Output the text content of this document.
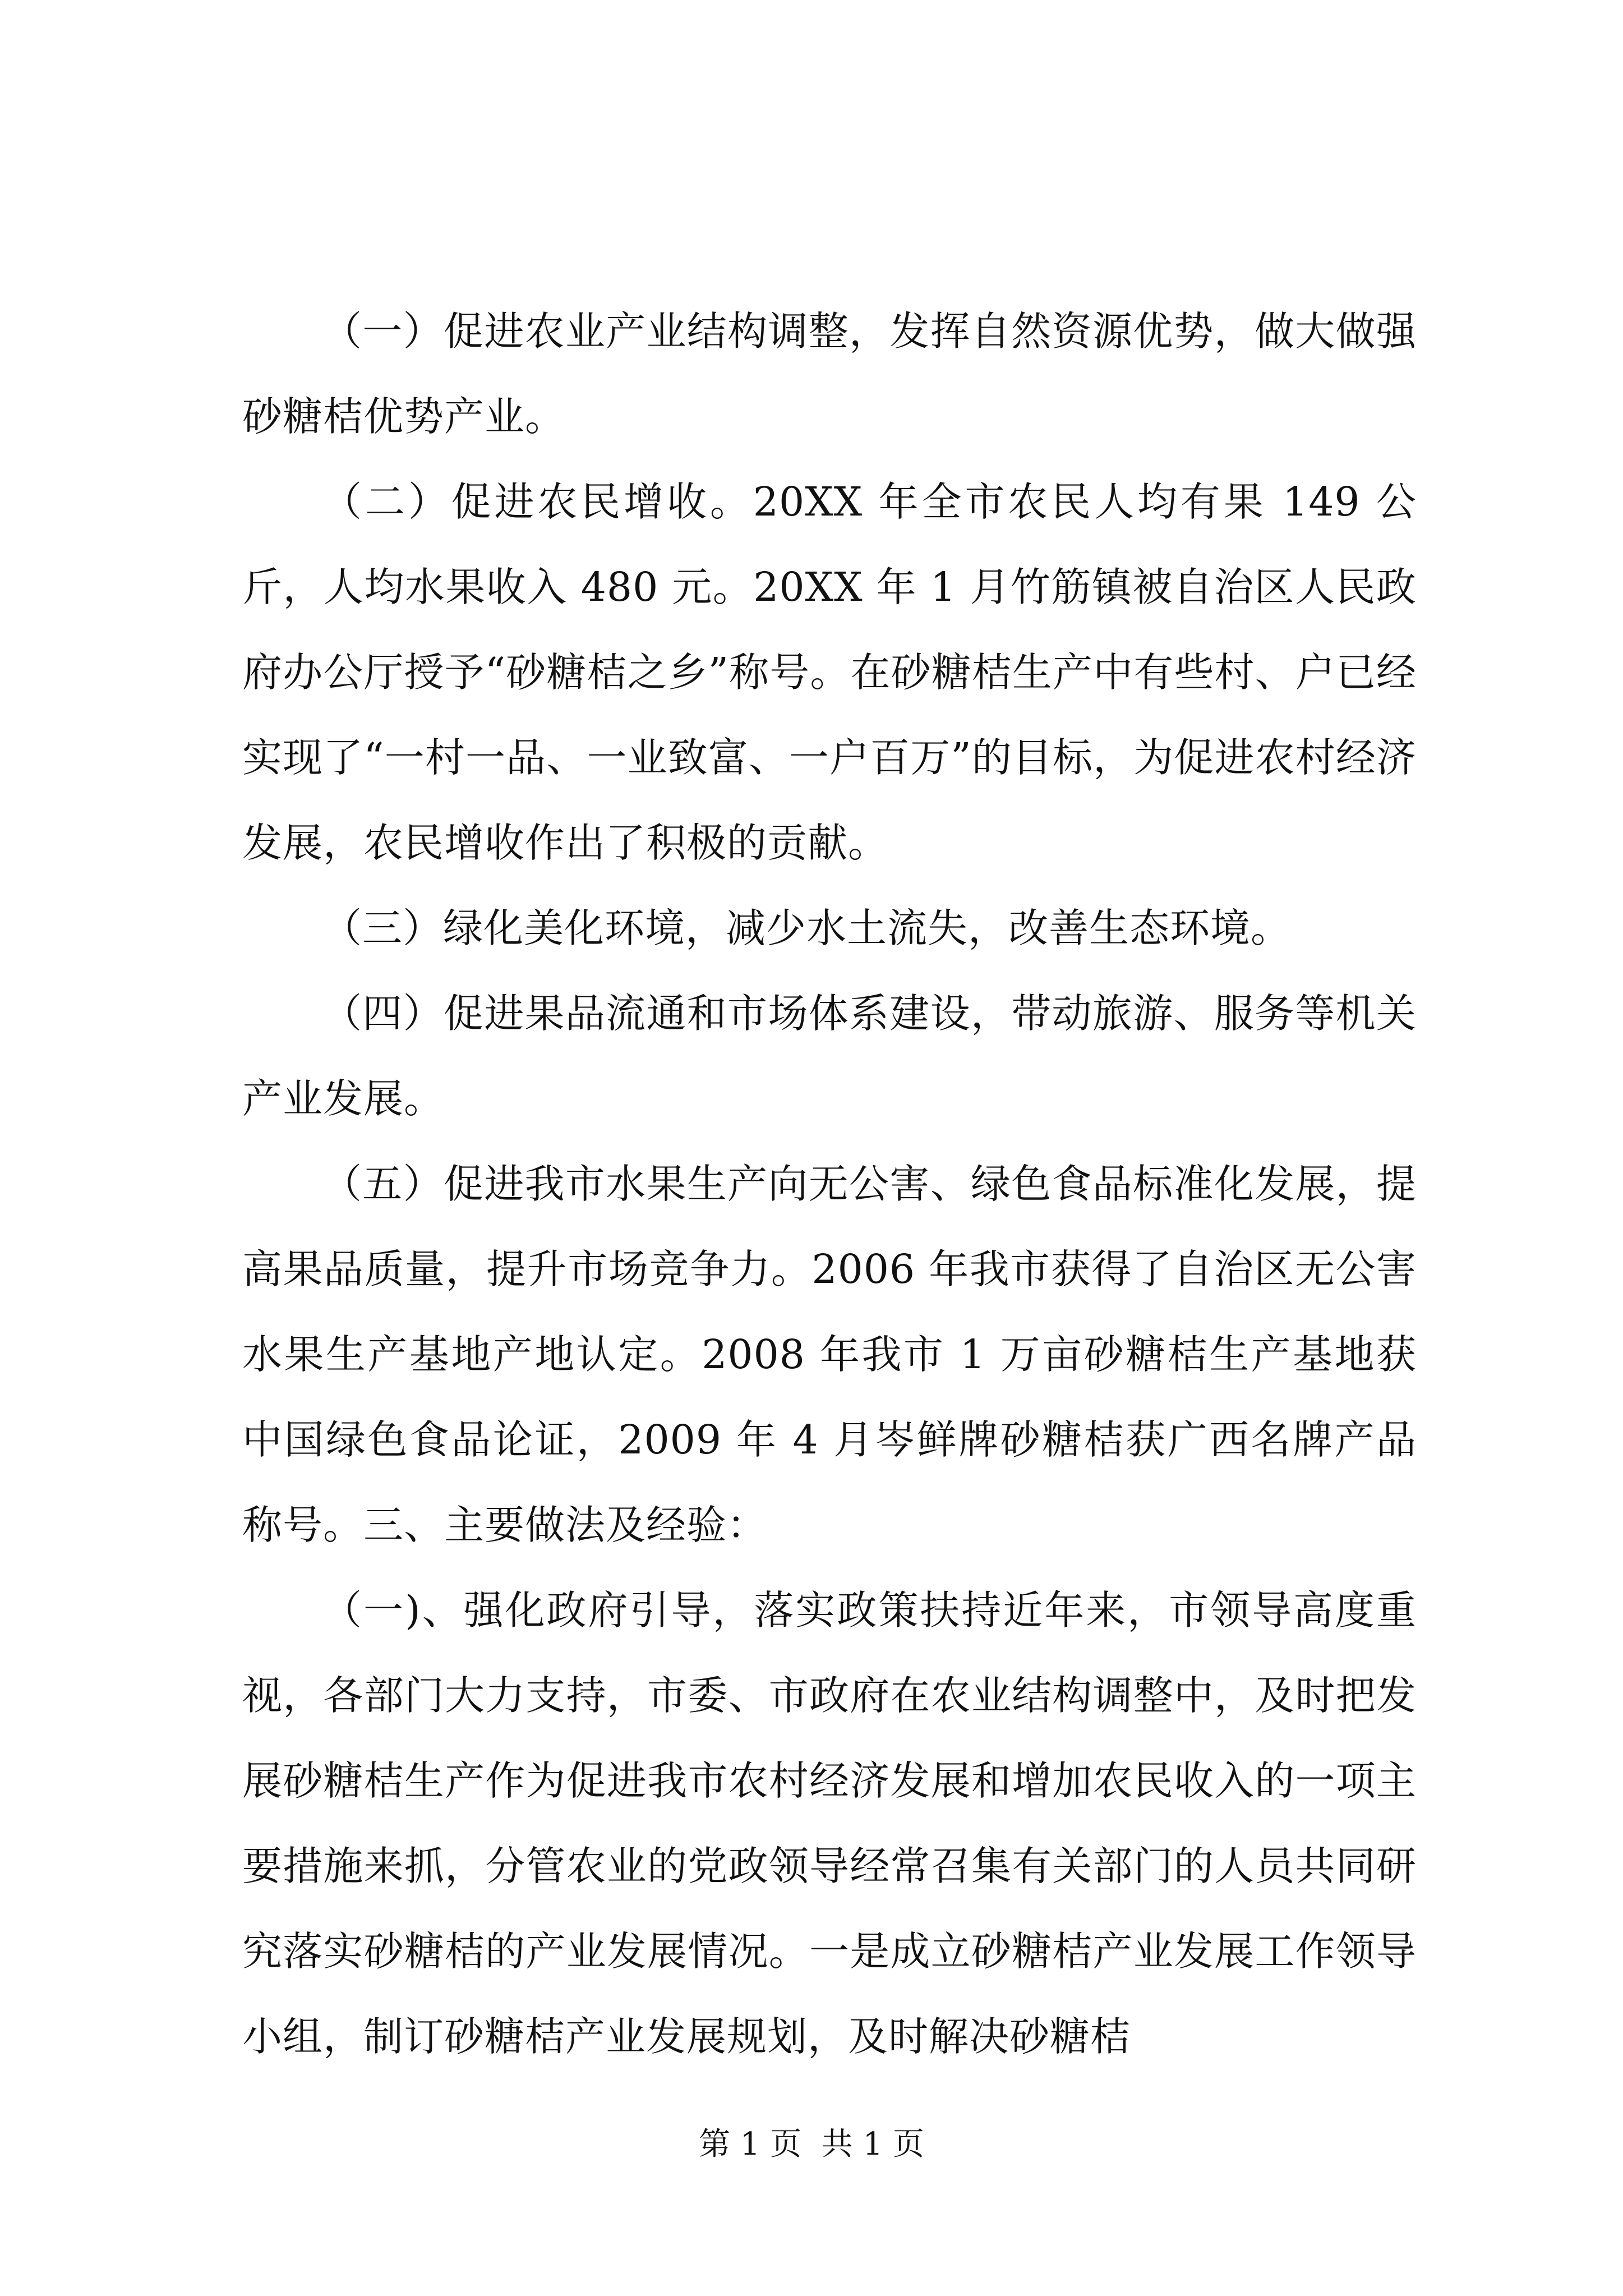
（一）促进农业产业结构调整，发挥自然资源优势，做大做强砂糖桔优势产业。

（二）促进农民增收。20XX 年全市农民人均有果 149 公斤，人均水果收入 480 元。20XX 年 1 月竹筋镇被自治区人民政府办公厅授予“砂糖桔之乡”称号。在砂糖桔生产中有些村、户已经实现了“一村一品、一业致富、一户百万”的目标，为促进农村经济发展，农民增收作出了积极的贡献。

（三）绿化美化环境，减少水土流失，改善生态环境。

（四）促进果品流通和市场体系建设，带动旅游、服务等机关产业发展。

（五）促进我市水果生产向无公害、绿色食品标准化发展，提高果品质量，提升市场竞争力。2006 年我市获得了自治区无公害水果生产基地产地认定。2008 年我市 1 万亩砂糖桔生产基地获中国绿色食品论证，2009 年 4 月岑鲜牌砂糖桔获广西名牌产品称号。三、主要做法及经验：

（一)、强化政府引导，落实政策扶持近年来，市领导高度重视，各部门大力支持，市委、市政府在农业结构调整中，及时把发展砂糖桔生产作为促进我市农村经济发展和增加农民收入的一项主要措施来抓，分管农业的党政领导经常召集有关部门的人员共同研究落实砂糖桔的产业发展情况。一是成立砂糖桔产业发展工作领导小组，制订砂糖桔产业发展规划，及时解决砂糖桔

第 1 页  共 1 页
